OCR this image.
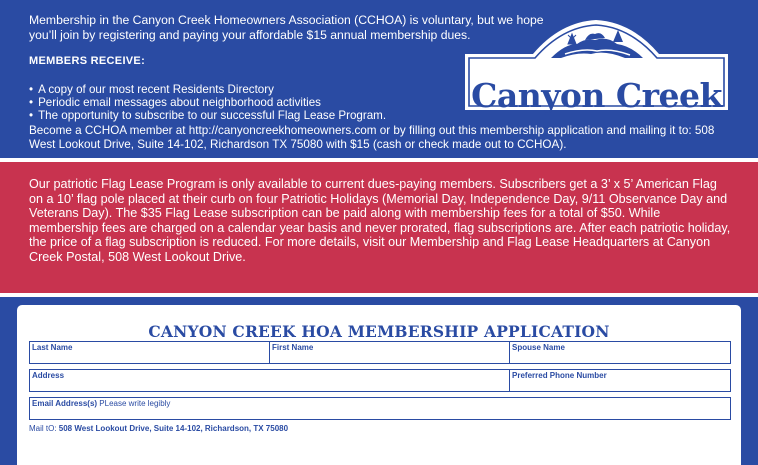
Membership in the Canyon Creek Homeowners Association (CCHOA) is voluntary, but we hope you’ll join by registering and paying your affordable $15 annual membership dues.

MEMBERS RECEIVE:
• A copy of our most recent Residents Directory
• Periodic email messages about neighborhood activities
• The opportunity to subscribe to our successful Flag Lease Program.

Become a CCHOA member at http://canyoncreekhomeowners.com or by filling out this membership application and mailing it to: 508 West Lookout Drive, Suite 14-102, Richardson TX 75080 with $15 (cash or check made out to CCHOA).

Canyon Creek

Our patriotic Flag Lease Program is only available to current dues-paying members. Subscribers get a 3’ x 5’ American Flag on a 10’ flag pole placed at their curb on four Patriotic Holidays (Memorial Day, Independence Day, 9/11 Observance Day and Veterans Day). The $35 Flag Lease subscription can be paid along with membership fees for a total of $50. While membership fees are charged on a calendar year basis and never prorated, flag subscriptions are. After each patriotic holiday, the price of a flag subscription is reduced. For more details, visit our Membership and Flag Lease Headquarters at Canyon Creek Postal, 508 West Lookout Drive.

CANYON CREEK HOA MEMBERSHIP APPLICATION
Last Name	First Name	Spouse Name
Address	Preferred Phone Number
Email Address(s) PLease write legibly
Mail tO: 508 West Lookout Drive, Suite 14-102, Richardson, TX 75080
